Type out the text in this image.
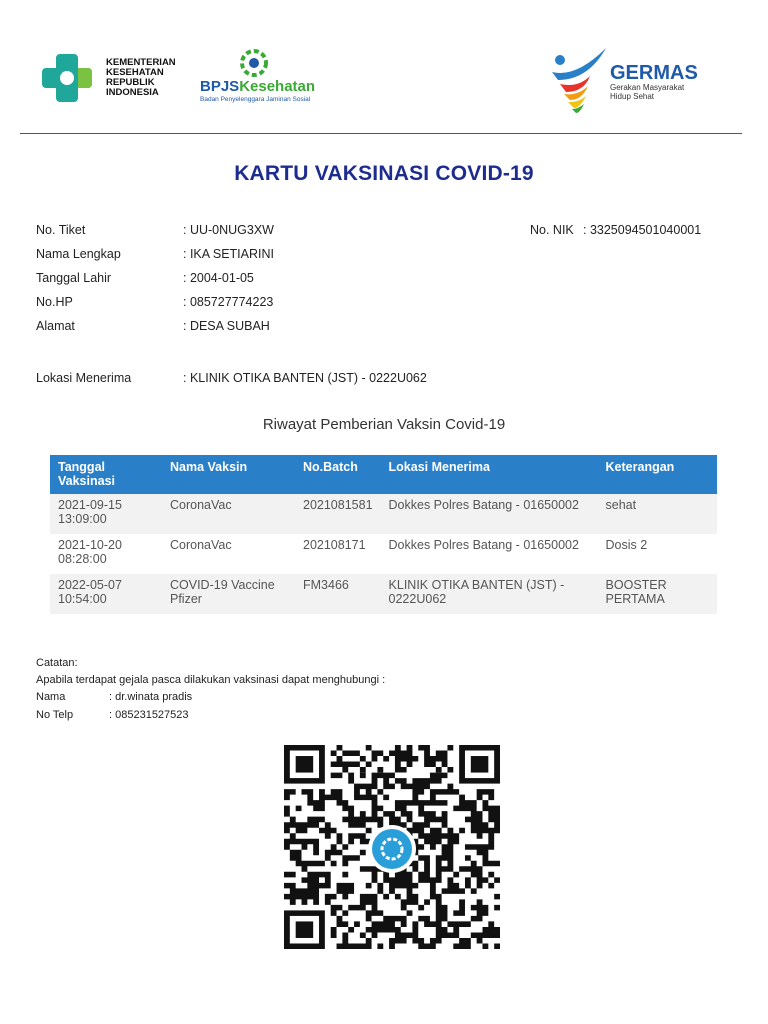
KEMENTERIAN
KESEHATAN
REPUBLIK
INDONESIA	BPJSKesehatan
Badan Penyelenggara Jaminan Sosial
GERMAS
Gerakan Masyarakat
Hidup Sehat
KARTU VAKSINASI COVID-19
No. Tiket	: UU-0NUG3XW	No. NIK : 3325094501040001
Nama Lengkap	: IKA SETIARINI
Tanggal Lahir	: 2004-01-05
No.HP	: 085727774223
Alamat	: DESA SUBAH
Lokasi Menerima	: KLINIK OTIKA BANTEN (JST) - 0222U062
Riwayat Pemberian Vaksin Covid-19
Tanggal Vaksinasi	Nama Vaksin	No.Batch	Lokasi Menerima	Keterangan
2021-09-15 13:09:00	CoronaVac	2021081581	Dokkes Polres Batang - 01650002	sehat
2021-10-20 08:28:00	CoronaVac	202108171	Dokkes Polres Batang - 01650002	Dosis 2
2022-05-07 10:54:00	COVID-19 Vaccine Pfizer	FM3466	KLINIK OTIKA BANTEN (JST) - 0222U062	BOOSTER PERTAMA
Catatan:
Apabila terdapat gejala pasca dilakukan vaksinasi dapat menghubungi :
Nama	: dr.winata pradis
No Telp	: 085231527523
